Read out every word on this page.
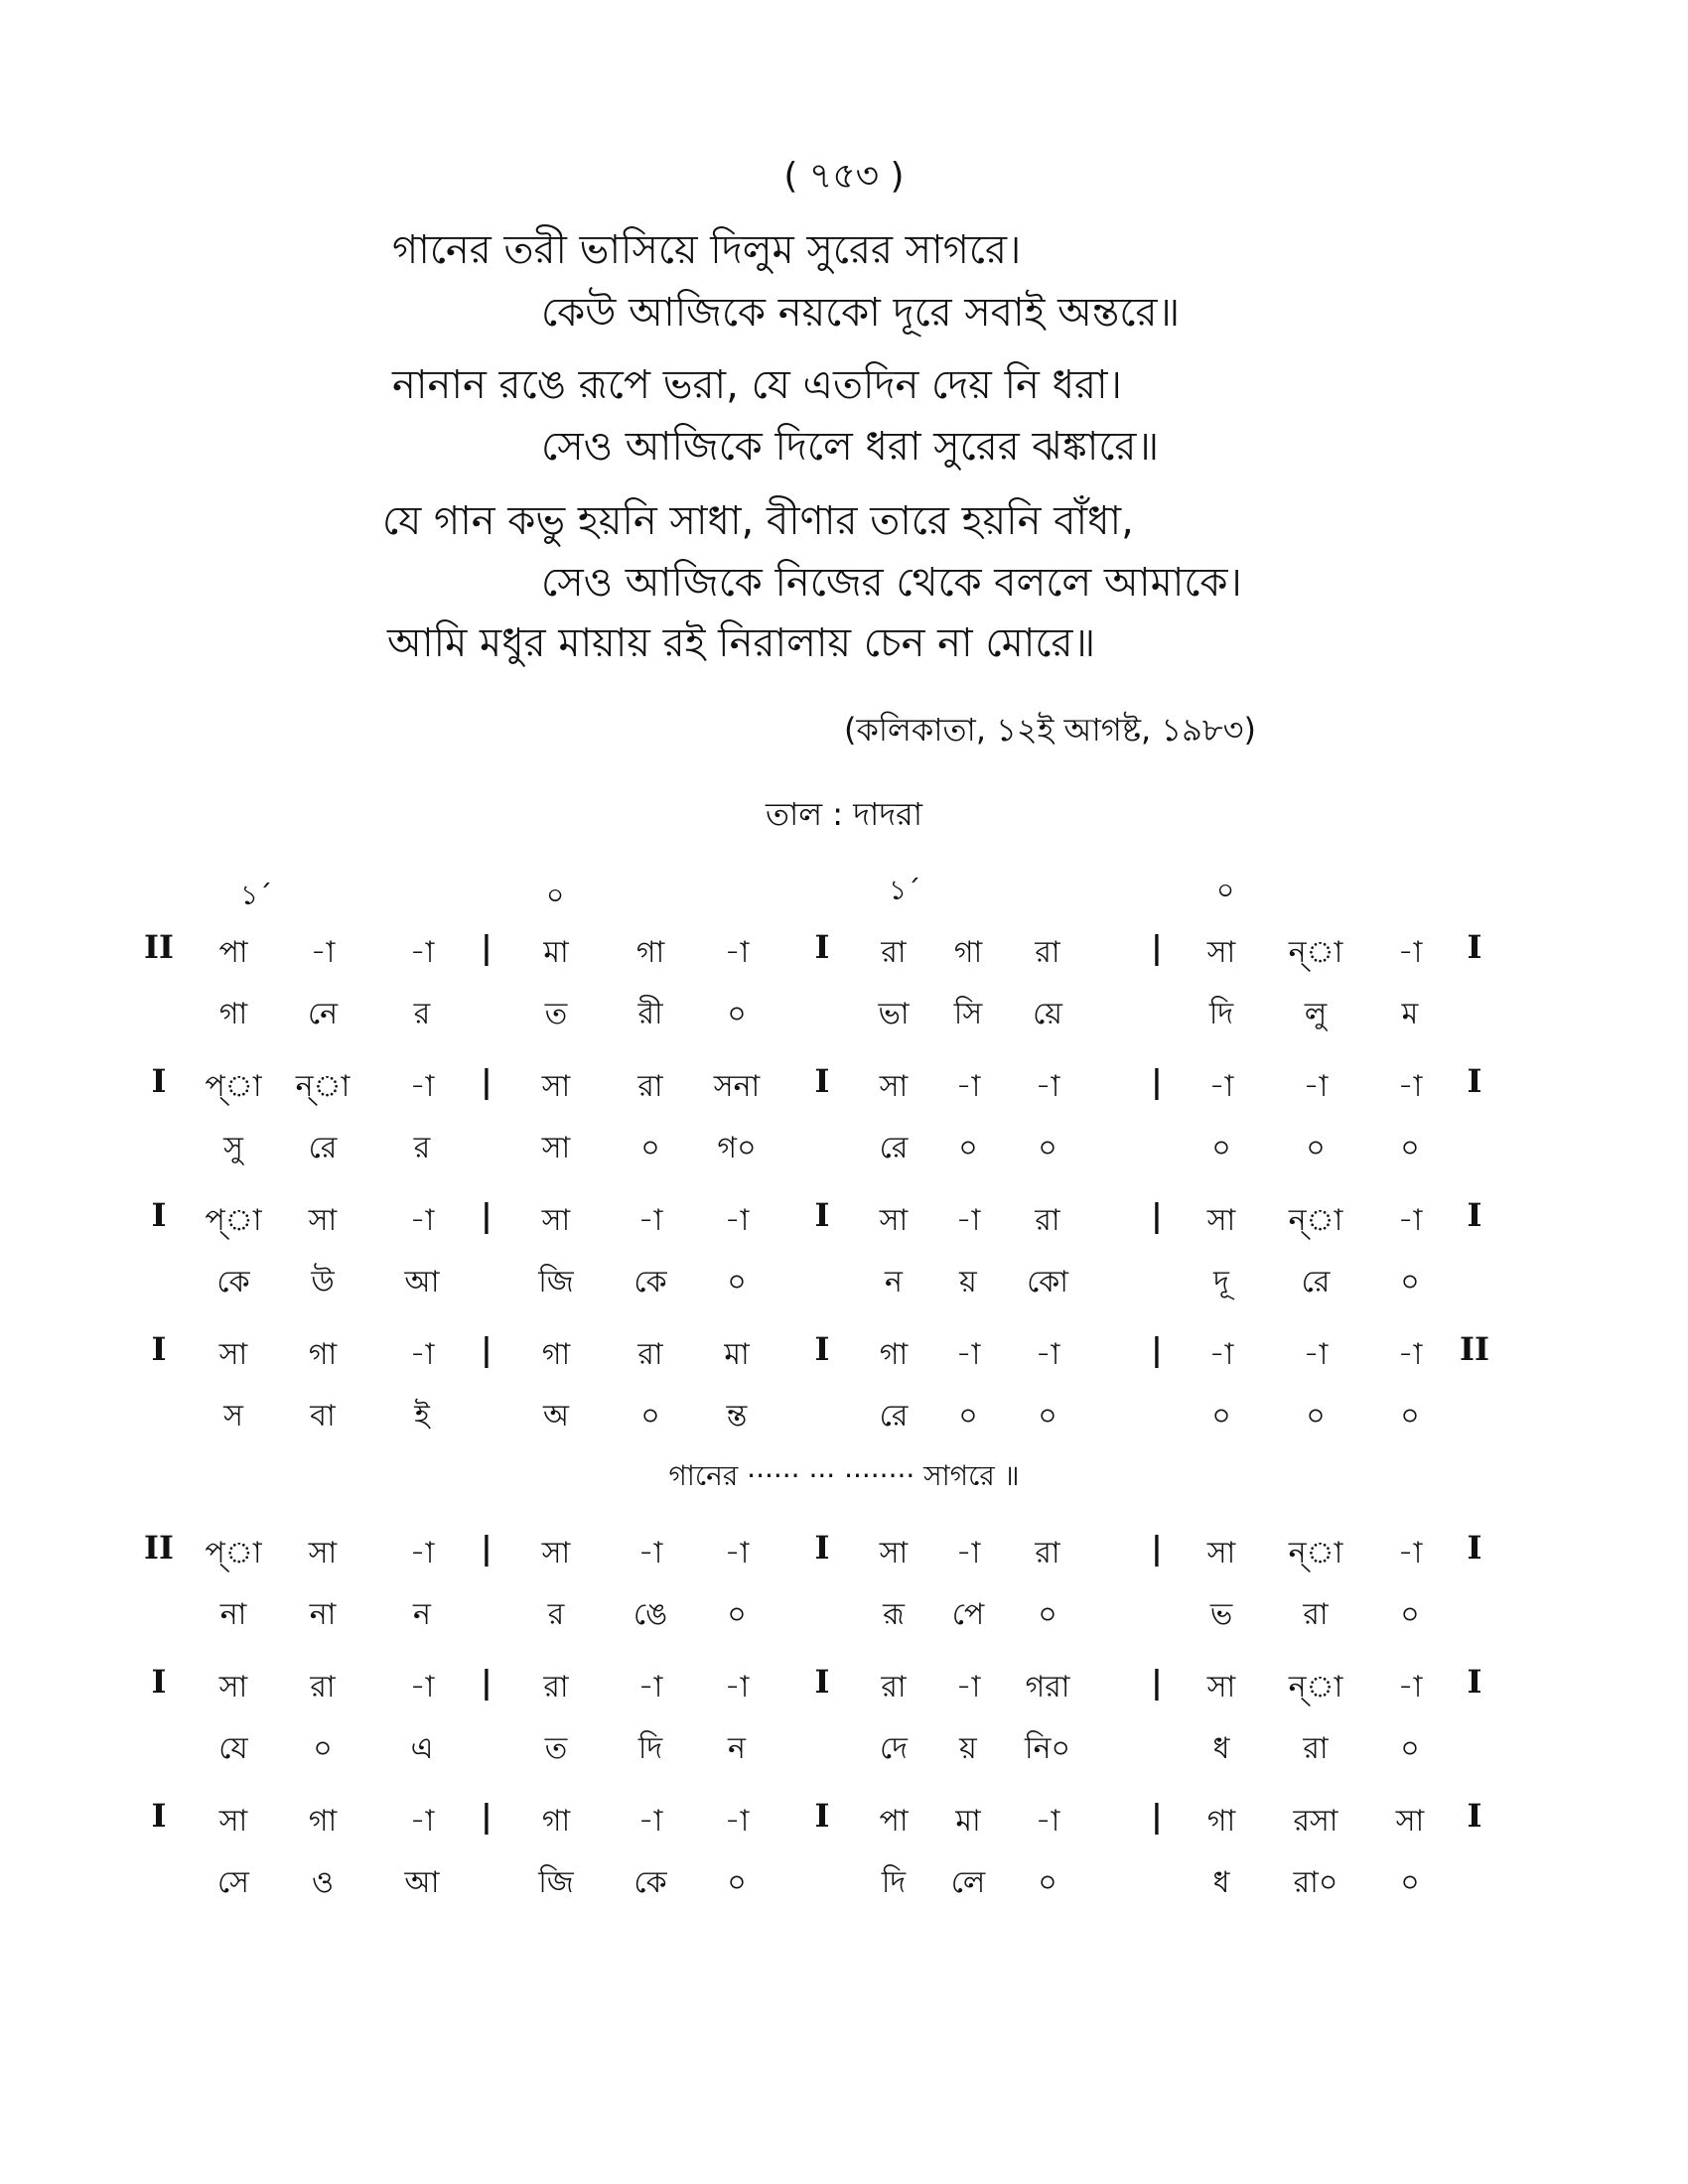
( ৭৫৩ )
গানের তরী ভাসিয়ে দিলুম সুরের সাগরে।
কেউ আজিকে নয়কো দূরে সবাই অন্তরে॥
নানান রঙে রূপে ভরা, যে এতদিন দেয় নি ধরা।
সেও আজিকে দিলে ধরা সুরের ঝঙ্কারে॥
যে গান কভু হয়নি সাধা, বীণার তারে হয়নি বাঁধা,
সেও আজিকে নিজের থেকে বললে আমাকে।
আমি মধুর মায়ায় রই নিরালায় চেন না মোরে॥
(কলিকাতা, ১২ই আগষ্ট, ১৯৮৩)
তাল : দাদরা
১´	০	১´	০
II পা -া	-া | মা গা -া I রা গা রা	| সা ন্‌া -া I
গা নে	র	ত রী ০	ভা সি য়ে	দি লু	ম
I প্‌া ন্‌া -া | সা রা সনা I সা -া -া	| -া -া -া I
সু রে	র	সা ০ গ০	রে ০ ০	০	০	০
I প্‌া সা -া | সা -া -া I সা -া রা	| সা ন্‌া -া I
কে উ আ	জি কে ০	ন য় কো	দূ রে ০
I সা গা -া | গা রা মা I গা -া -া	| -া -া -া II
স বা	ই	অ ০ ন্ত	রে ০ ০	০	০	০
II প্‌া সা -া | সা -া -া I সা -া রা	| সা ন্‌া -া I
না না	ন	র ঙে ০	রূ পে ০	ভ রা ০
I সা রা	-া | রা -া -া I রা -া গরা	| সা ন্‌া -া I
যে ০	এ	ত দি ন	দে য় নি০	ধ রা ০
I সা গা -া | গা -া -া I পা মা -া	| গা রসা সা I
সে ও আ	জি কে ০	দি লে ০	ধ রা০ ০
গানের ······ ··· ········ সাগরে ॥
